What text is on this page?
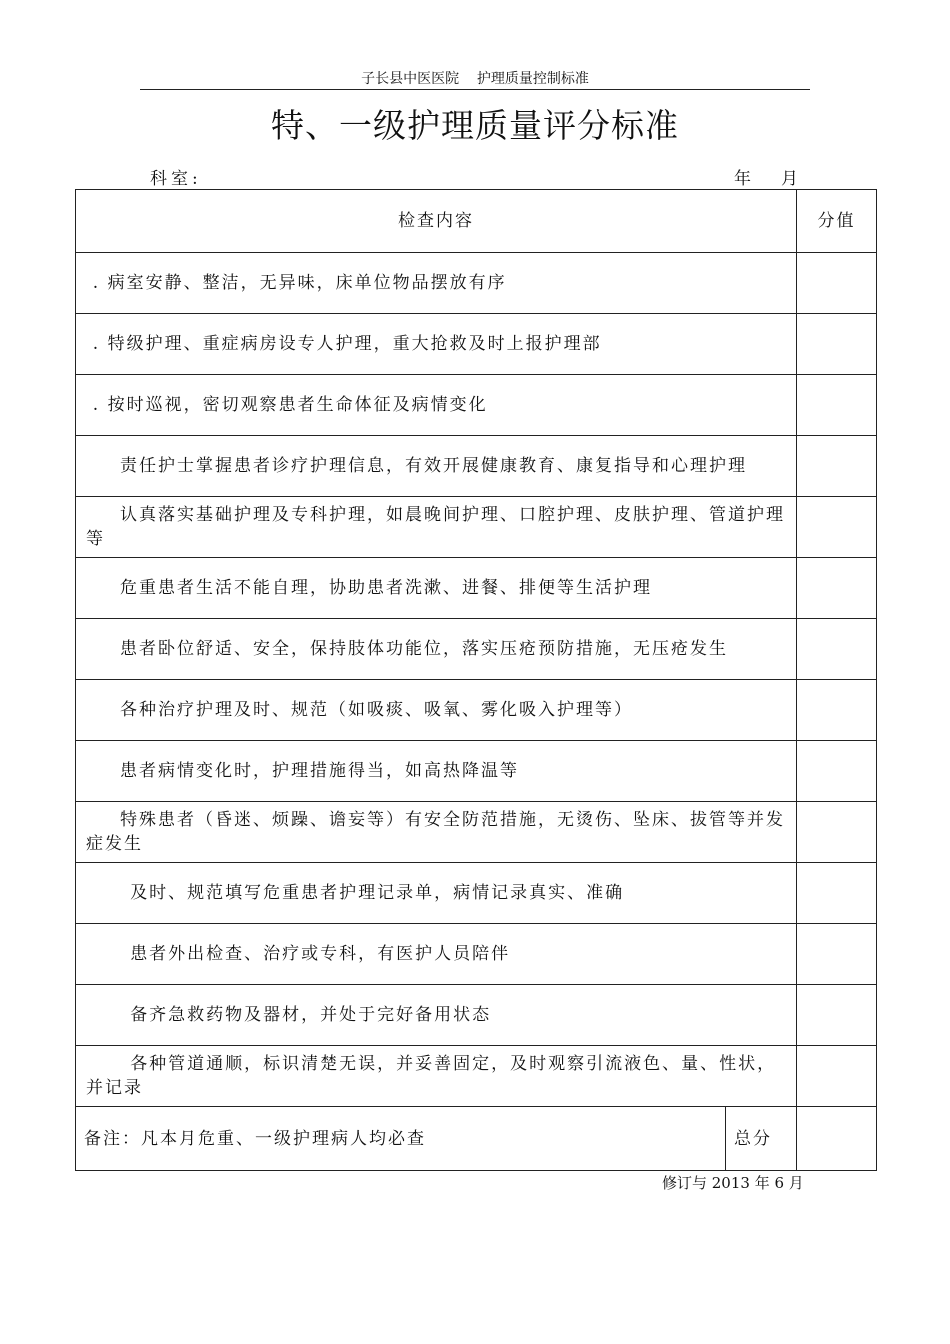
子长县中医医院 护理质量控制标准
特、一级护理质量评分标准
科室:	年 月
检查内容		分值
. 病室安静、整洁，无异味，床单位物品摆放有序		
. 特级护理、重症病房设专人护理，重大抢救及时上报护理部		
. 按时巡视，密切观察患者生命体征及病情变化		
责任护士掌握患者诊疗护理信息，有效开展健康教育、康复指导和心理护理		
认真落实基础护理及专科护理，如晨晚间护理、口腔护理、皮肤护理、管道护理等		
危重患者生活不能自理，协助患者洗漱、进餐、排便等生活护理		
患者卧位舒适、安全，保持肢体功能位，落实压疮预防措施，无压疮发生		
各种治疗护理及时、规范（如吸痰、吸氧、雾化吸入护理等）		
患者病情变化时，护理措施得当，如高热降温等		
特殊患者（昏迷、烦躁、谵妄等）有安全防范措施，无烫伤、坠床、拔管等并发症发生		
及时、规范填写危重患者护理记录单，病情记录真实、准确		
患者外出检查、治疗或专科，有医护人员陪伴		
备齐急救药物及器材，并处于完好备用状态		
各种管道通顺，标识清楚无误，并妥善固定，及时观察引流液色、量、性状，并记录		
备注：凡本月危重、一级护理病人均必查	总分	
修订与 2013 年 6 月
